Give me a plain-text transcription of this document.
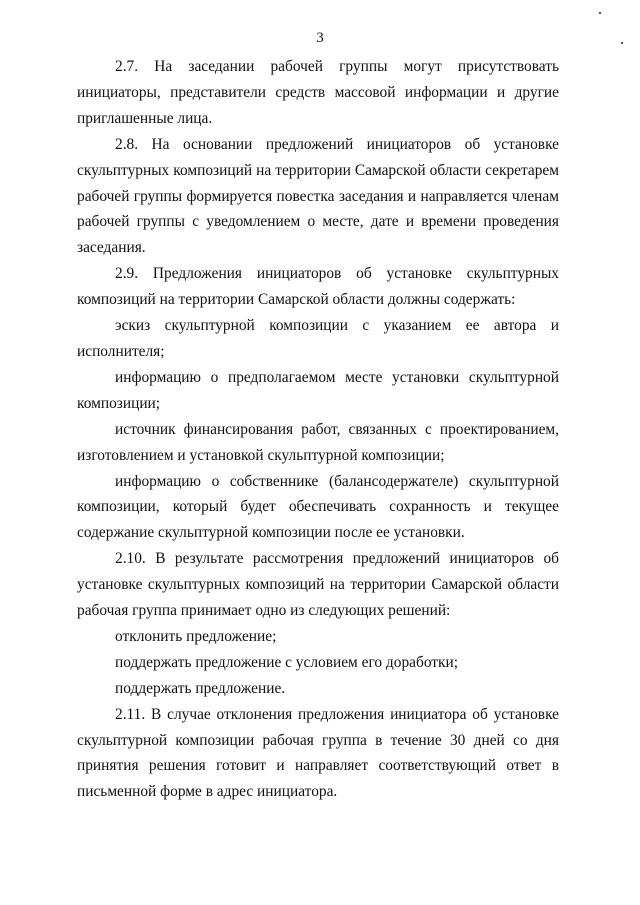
3

2.7. На заседании рабочей группы могут присутствовать инициаторы, представители средств массовой информации и другие приглашенные лица.

2.8. На основании предложений инициаторов об установке скульптурных композиций на территории Самарской области секретарем рабочей группы формируется повестка заседания и направляется членам рабочей группы с уведомлением о месте, дате и времени проведения заседания.

2.9. Предложения инициаторов об установке скульптурных композиций на территории Самарской области должны содержать:

эскиз скульптурной композиции с указанием ее автора и исполнителя;

информацию о предполагаемом месте установки скульптурной композиции;

источник финансирования работ, связанных с проектированием, изготовлением и установкой скульптурной композиции;

информацию о собственнике (балансодержателе) скульптурной композиции, который будет обеспечивать сохранность и текущее содержание скульптурной композиции после ее установки.

2.10. В результате рассмотрения предложений инициаторов об установке скульптурных композиций на территории Самарской области рабочая группа принимает одно из следующих решений:

отклонить предложение;

поддержать предложение с условием его доработки;

поддержать предложение.

2.11. В случае отклонения предложения инициатора об установке скульптурной композиции рабочая группа в течение 30 дней со дня принятия решения готовит и направляет соответствующий ответ в письменной форме в адрес инициатора.
